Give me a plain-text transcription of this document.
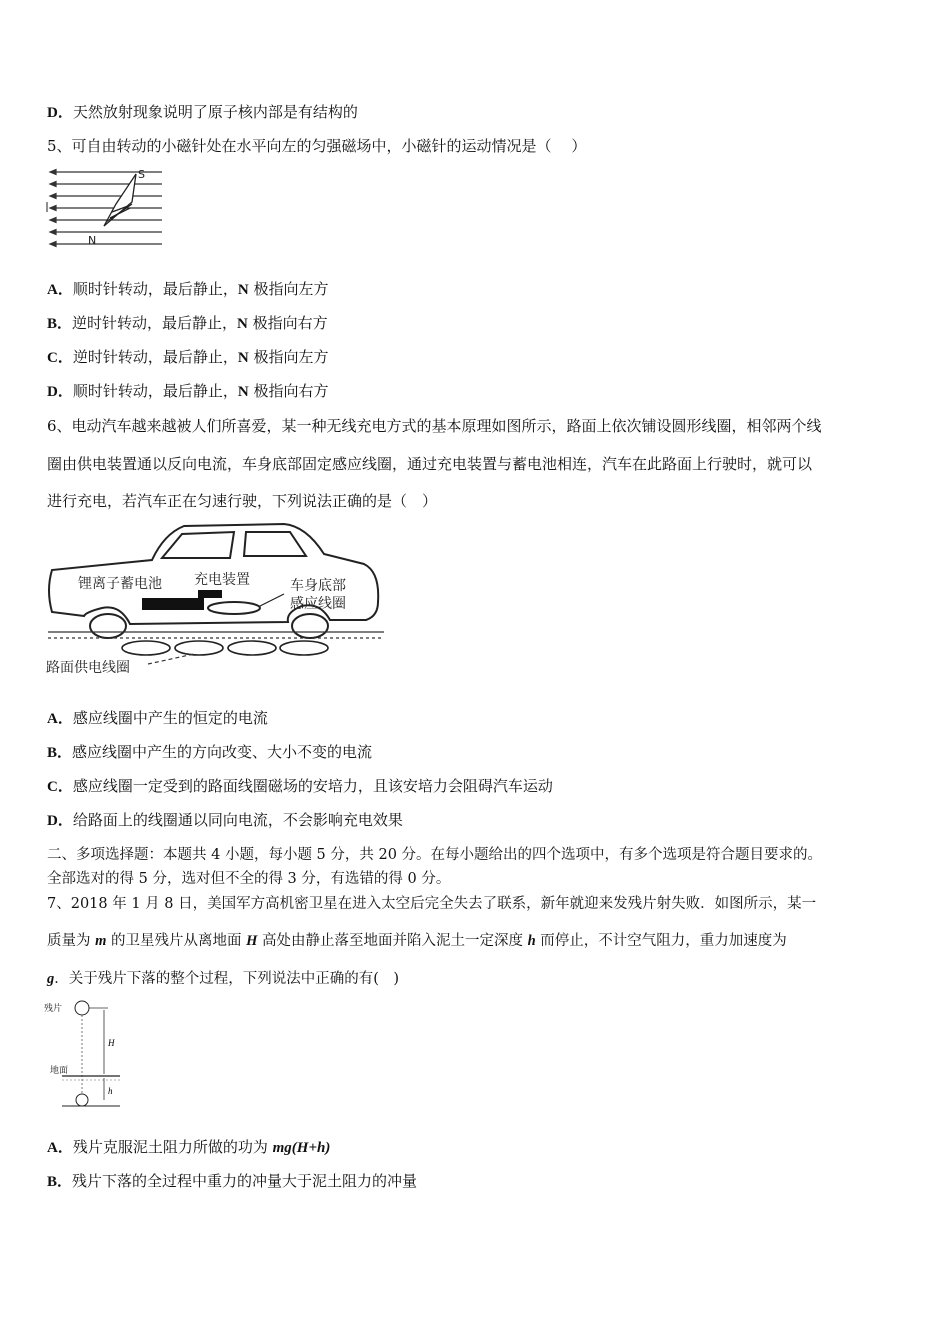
D．天然放射现象说明了原子核内部是有结构的
5、可自由转动的小磁针处在水平向左的匀强磁场中，小磁针的运动情况是（　 ）
S
N
A．顺时针转动，最后静止，N 极指向左方
B．逆时针转动，最后静止，N 极指向右方
C．逆时针转动，最后静止，N 极指向左方
D．顺时针转动，最后静止，N 极指向右方
6、电动汽车越来越被人们所喜爱，某一种无线充电方式的基本原理如图所示，路面上依次铺设圆形线圈，相邻两个线
圈由供电装置通以反向电流，车身底部固定感应线圈，通过充电装置与蓄电池相连，汽车在此路面上行驶时，就可以
进行充电，若汽车正在匀速行驶，下列说法正确的是（　）
锂离子蓄电池 充电装置	车身底部
感应线圈
路面供电线圈
A．感应线圈中产生的恒定的电流
B．感应线圈中产生的方向改变、大小不变的电流
C．感应线圈一定受到的路面线圈磁场的安培力，且该安培力会阻碍汽车运动
D．给路面上的线圈通以同向电流，不会影响充电效果
二、多项选择题：本题共 4 小题，每小题 5 分，共 20 分。在每小题给出的四个选项中，有多个选项是符合题目要求的。
全部选对的得 5 分，选对但不全的得 3 分，有选错的得 0 分。
7、2018 年 1 月 8 日，美国军方高机密卫星在进入太空后完全失去了联系，新年就迎来发残片射失败．如图所示，某一
质量为 m 的卫星残片从离地面 H 高处由静止落至地面并陷入泥土一定深度 h 而停止，不计空气阻力，重力加速度为
g．关于残片下落的整个过程，下列说法中正确的有(　)
残片
地面
H
h
A．残片克服泥土阻力所做的功为 mg(H+h)
B．残片下落的全过程中重力的冲量大于泥土阻力的冲量
